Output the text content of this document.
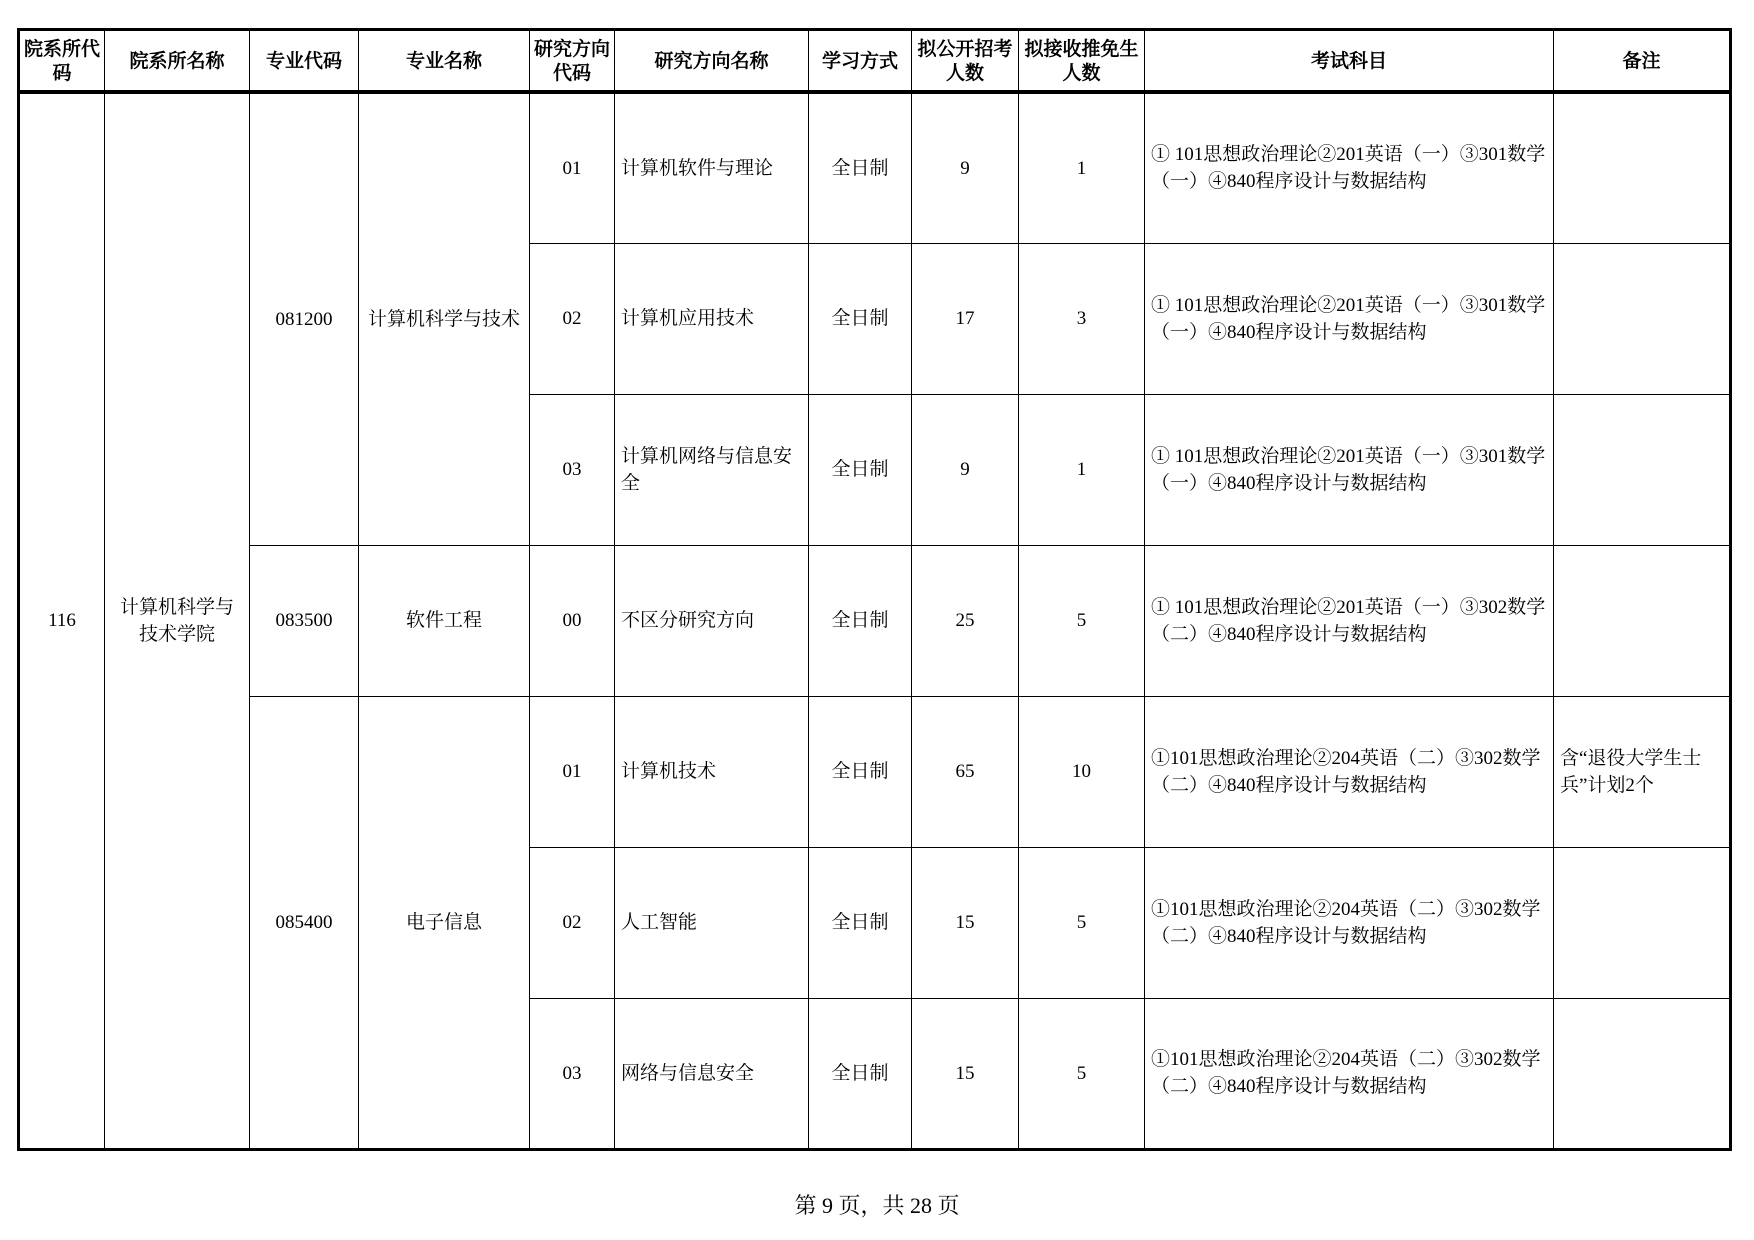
院系所代码	院系所名称	专业代码	专业名称	研究方向代码	研究方向名称	学习方式	拟公开招考人数	拟接收推免生人数	考试科目	备注
116	计算机科学与技术学院	081200	计算机科学与技术	01	计算机软件与理论	全日制	9	1	① 101思想政治理论②201英语（一）③301数学（一）④840程序设计与数据结构	
				02	计算机应用技术	全日制	17	3	① 101思想政治理论②201英语（一）③301数学（一）④840程序设计与数据结构	
				03	计算机网络与信息安全	全日制	9	1	① 101思想政治理论②201英语（一）③301数学（一）④840程序设计与数据结构	
		083500	软件工程	00	不区分研究方向	全日制	25	5	① 101思想政治理论②201英语（一）③302数学（二）④840程序设计与数据结构	
		085400	电子信息	01	计算机技术	全日制	65	10	①101思想政治理论②204英语（二）③302数学（二）④840程序设计与数据结构	含“退役大学生士兵”计划2个
				02	人工智能	全日制	15	5	①101思想政治理论②204英语（二）③302数学（二）④840程序设计与数据结构	
				03	网络与信息安全	全日制	15	5	①101思想政治理论②204英语（二）③302数学（二）④840程序设计与数据结构	
第 9 页，共 28 页
